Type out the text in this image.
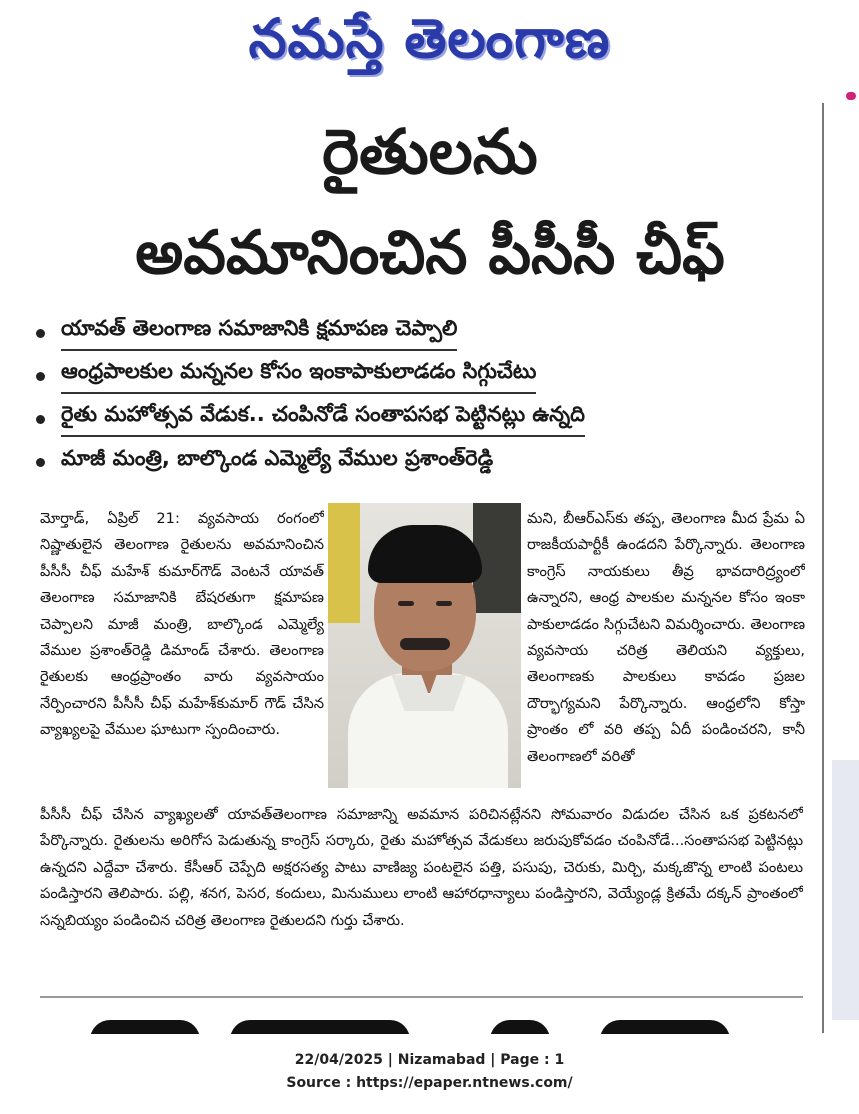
నమస్తే తెలంగాణ
రైతులను
అవమానించిన పీసీసీ చీఫ్
యావత్ తెలంగాణ సమాజానికి క్షమాపణ చెప్పాలి
ఆంధ్రపాలకుల మన్ననల కోసం ఇంకాపాకులాడడం సిగ్గుచేటు
రైతు మహోత్సవ వేడుక.. చంపినోడే సంతాపసభ పెట్టినట్లు ఉన్నది
మాజీ మంత్రి, బాల్కొండ ఎమ్మెల్యే వేముల ప్రశాంత్‌రెడ్డి

మోర్తాడ్, ఏప్రిల్ 21: వ్యవసాయ రంగంలో నిష్ణాతులైన తెలంగాణ రైతులను అవమానించిన పీసీసీ చీఫ్ మహేశ్ కుమార్‌గౌడ్ వెంటనే యావత్ తెలంగాణ సమాజానికి బేషరతుగా క్షమాపణ చెప్పాలని మాజీ మంత్రి, బాల్కొండ ఎమ్మెల్యే వేముల ప్రశాంత్‌రెడ్డి డిమాండ్ చేశారు. తెలంగాణ రైతులకు ఆంధ్రప్రాంతం వారు వ్యవసాయం నేర్పించారని పీసీసీ చీఫ్ మహేశ్‌కుమార్ గౌడ్ చేసిన వ్యాఖ్యలపై వేముల ఘాటుగా స్పందించారు.

మని, బీఆర్ఎస్‌కు తప్ప, తెలంగాణ మీద ప్రేమ ఏ రాజకీయపార్టీకీ ఉండదని పేర్కొన్నారు. తెలంగాణ కాంగ్రెస్ నాయకులు తీవ్ర భావదారిద్ర్యంలో ఉన్నారని, ఆంధ్ర పాలకుల మన్ననల కోసం ఇంకా పాకులాడడం సిగ్గుచేటని విమర్శించారు. తెలంగాణ వ్యవసాయ చరిత్ర తెలియని వ్యక్తులు, తెలంగాణకు పాలకులు కావడం ప్రజల దౌర్భాగ్యమని పేర్కొన్నారు. ఆంధ్రలోని కోస్తా ప్రాంతం లో వరి తప్ప ఏదీ పండించరని, కానీ తెలంగాణలో వరితో

పీసీసీ చీఫ్ చేసిన వ్యాఖ్యలతో యావత్‌తెలంగాణ సమాజాన్ని అవమాన పరిచినట్లేనని సోమవారం విడుదల చేసిన ఒక ప్రకటనలో పేర్కొన్నారు. రైతులను అరిగోస పెడుతున్న కాంగ్రెస్ సర్కారు, రైతు మహోత్సవ వేడుకలు జరుపుకోవడం చంపినోడే...సంతాపసభ పెట్టినట్లు ఉన్నదని ఎద్దేవా చేశారు. కేసీఆర్ చెప్పేది అక్షరసత్య పాటు వాణిజ్య పంటలైన పత్తి, పసుపు, చెరుకు, మిర్చి, మక్కజొన్న లాంటి పంటలు పండిస్తారని తెలిపారు. పల్లి, శనగ, పెసర, కందులు, మినుములు లాంటి ఆహారధాన్యాలు పండిస్తారని, వెయ్యేండ్ల క్రితమే దక్కన్ ప్రాంతంలో సన్నబియ్యం పండించిన చరిత్ర తెలంగాణ రైతులదని గుర్తు చేశారు.

22/04/2025 | Nizamabad | Page : 1
Source : https://epaper.ntnews.com/
